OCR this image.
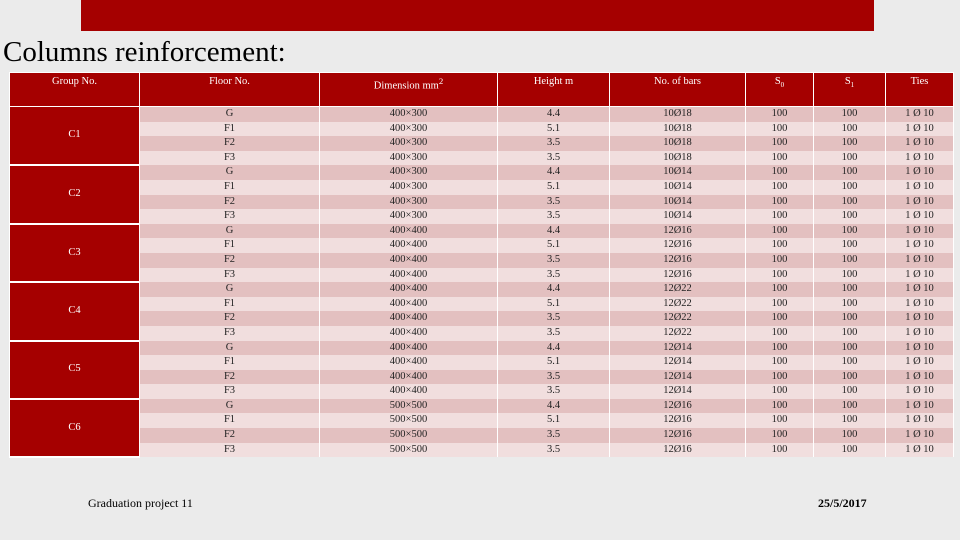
Columns reinforcement:
Group No.	Floor No.	Dimension $mm^2$	Height m	No. of bars	$S_0$	$S_1$	Ties
C1	G	400×300	4.4	10Ø18	100	100	1 Ø 10
	F1	400×300	5.1	10Ø18	100	100	1 Ø 10
	F2	400×300	3.5	10Ø18	100	100	1 Ø 10
	F3	400×300	3.5	10Ø18	100	100	1 Ø 10
C2	G	400×300	4.4	10Ø14	100	100	1 Ø 10
	F1	400×300	5.1	10Ø14	100	100	1 Ø 10
	F2	400×300	3.5	10Ø14	100	100	1 Ø 10
	F3	400×300	3.5	10Ø14	100	100	1 Ø 10
C3	G	400×400	4.4	12Ø16	100	100	1 Ø 10
	F1	400×400	5.1	12Ø16	100	100	1 Ø 10
	F2	400×400	3.5	12Ø16	100	100	1 Ø 10
	F3	400×400	3.5	12Ø16	100	100	1 Ø 10
C4	G	400×400	4.4	12Ø22	100	100	1 Ø 10
	F1	400×400	5.1	12Ø22	100	100	1 Ø 10
	F2	400×400	3.5	12Ø22	100	100	1 Ø 10
	F3	400×400	3.5	12Ø22	100	100	1 Ø 10
C5	G	400×400	4.4	12Ø14	100	100	1 Ø 10
	F1	400×400	5.1	12Ø14	100	100	1 Ø 10
	F2	400×400	3.5	12Ø14	100	100	1 Ø 10
	F3	400×400	3.5	12Ø14	100	100	1 Ø 10
C6	G	500×500	4.4	12Ø16	100	100	1 Ø 10
	F1	500×500	5.1	12Ø16	100	100	1 Ø 10
	F2	500×500	3.5	12Ø16	100	100	1 Ø 10
	F3	500×500	3.5	12Ø16	100	100	1 Ø 10
Graduation project 11	25/5/2017
